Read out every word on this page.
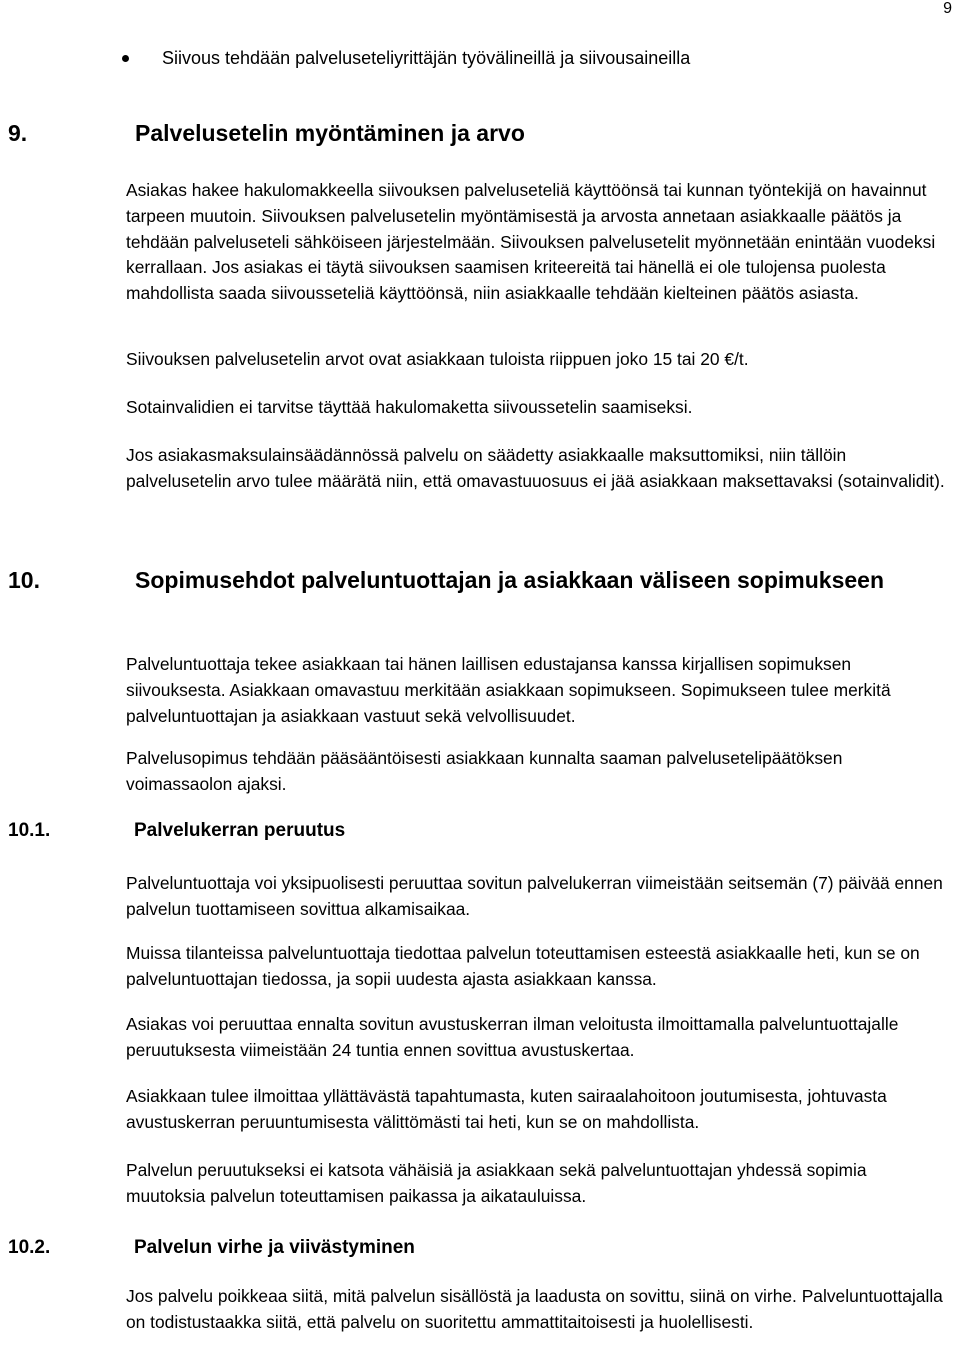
9
Siivous tehdään palveluseteliyrittäjän työvälineillä ja siivousaineilla
9.	Palvelusetelin myöntäminen ja arvo

Asiakas hakee hakulomakkeella siivouksen palveluseteliä käyttöönsä tai kunnan työntekijä on havainnut tarpeen muutoin. Siivouksen palvelusetelin myöntämisestä ja arvosta annetaan asiakkaalle päätös ja tehdään palveluseteli sähköiseen järjestelmään. Siivouksen palvelusetelit myönnetään enintään vuodeksi kerrallaan. Jos asiakas ei täytä siivouksen saamisen kriteereitä tai hänellä ei ole tulojensa puolesta mahdollista saada siivousseteliä käyttöönsä, niin asiakkaalle tehdään kielteinen päätös asiasta.

Siivouksen palvelusetelin arvot ovat asiakkaan tuloista riippuen joko 15 tai 20 €/t.

Sotainvalidien ei tarvitse täyttää hakulomaketta siivoussetelin saamiseksi.

Jos asiakasmaksulainsäädännössä palvelu on säädetty asiakkaalle maksuttomiksi, niin tällöin palvelusetelin arvo tulee määrätä niin, että omavastuuosuus ei jää asiakkaan maksettavaksi (sotainvalidit).

10.	Sopimusehdot palveluntuottajan ja asiakkaan väliseen sopimukseen

Palveluntuottaja tekee asiakkaan tai hänen laillisen edustajansa kanssa kirjallisen sopimuksen siivouksesta. Asiakkaan omavastuu merkitään asiakkaan sopimukseen. Sopimukseen tulee merkitä palveluntuottajan ja asiakkaan vastuut sekä velvollisuudet.

Palvelusopimus tehdään pääsääntöisesti asiakkaan kunnalta saaman palvelusetelipäätöksen voimassaolon ajaksi.

10.1.	Palvelukerran peruutus

Palveluntuottaja voi yksipuolisesti peruuttaa sovitun palvelukerran viimeistään seitsemän (7) päivää ennen palvelun tuottamiseen sovittua alkamisaikaa.

Muissa tilanteissa palveluntuottaja tiedottaa palvelun toteuttamisen esteestä asiakkaalle heti, kun se on palveluntuottajan tiedossa, ja sopii uudesta ajasta asiakkaan kanssa.

Asiakas voi peruuttaa ennalta sovitun avustuskerran ilman veloitusta ilmoittamalla palveluntuottajalle peruutuksesta viimeistään 24 tuntia ennen sovittua avustuskertaa.

Asiakkaan tulee ilmoittaa yllättävästä tapahtumasta, kuten sairaalahoitoon joutumisesta, johtuvasta avustuskerran peruuntumisesta välittömästi tai heti, kun se on mahdollista.

Palvelun peruutukseksi ei katsota vähäisiä ja asiakkaan sekä palveluntuottajan yhdessä sopimia muutoksia palvelun toteuttamisen paikassa ja aikatauluissa.

10.2.	Palvelun virhe ja viivästyminen

Jos palvelu poikkeaa siitä, mitä palvelun sisällöstä ja laadusta on sovittu, siinä on virhe. Palveluntuottajalla on todistustaakka siitä, että palvelu on suoritettu ammattitaitoisesti ja huolellisesti.
